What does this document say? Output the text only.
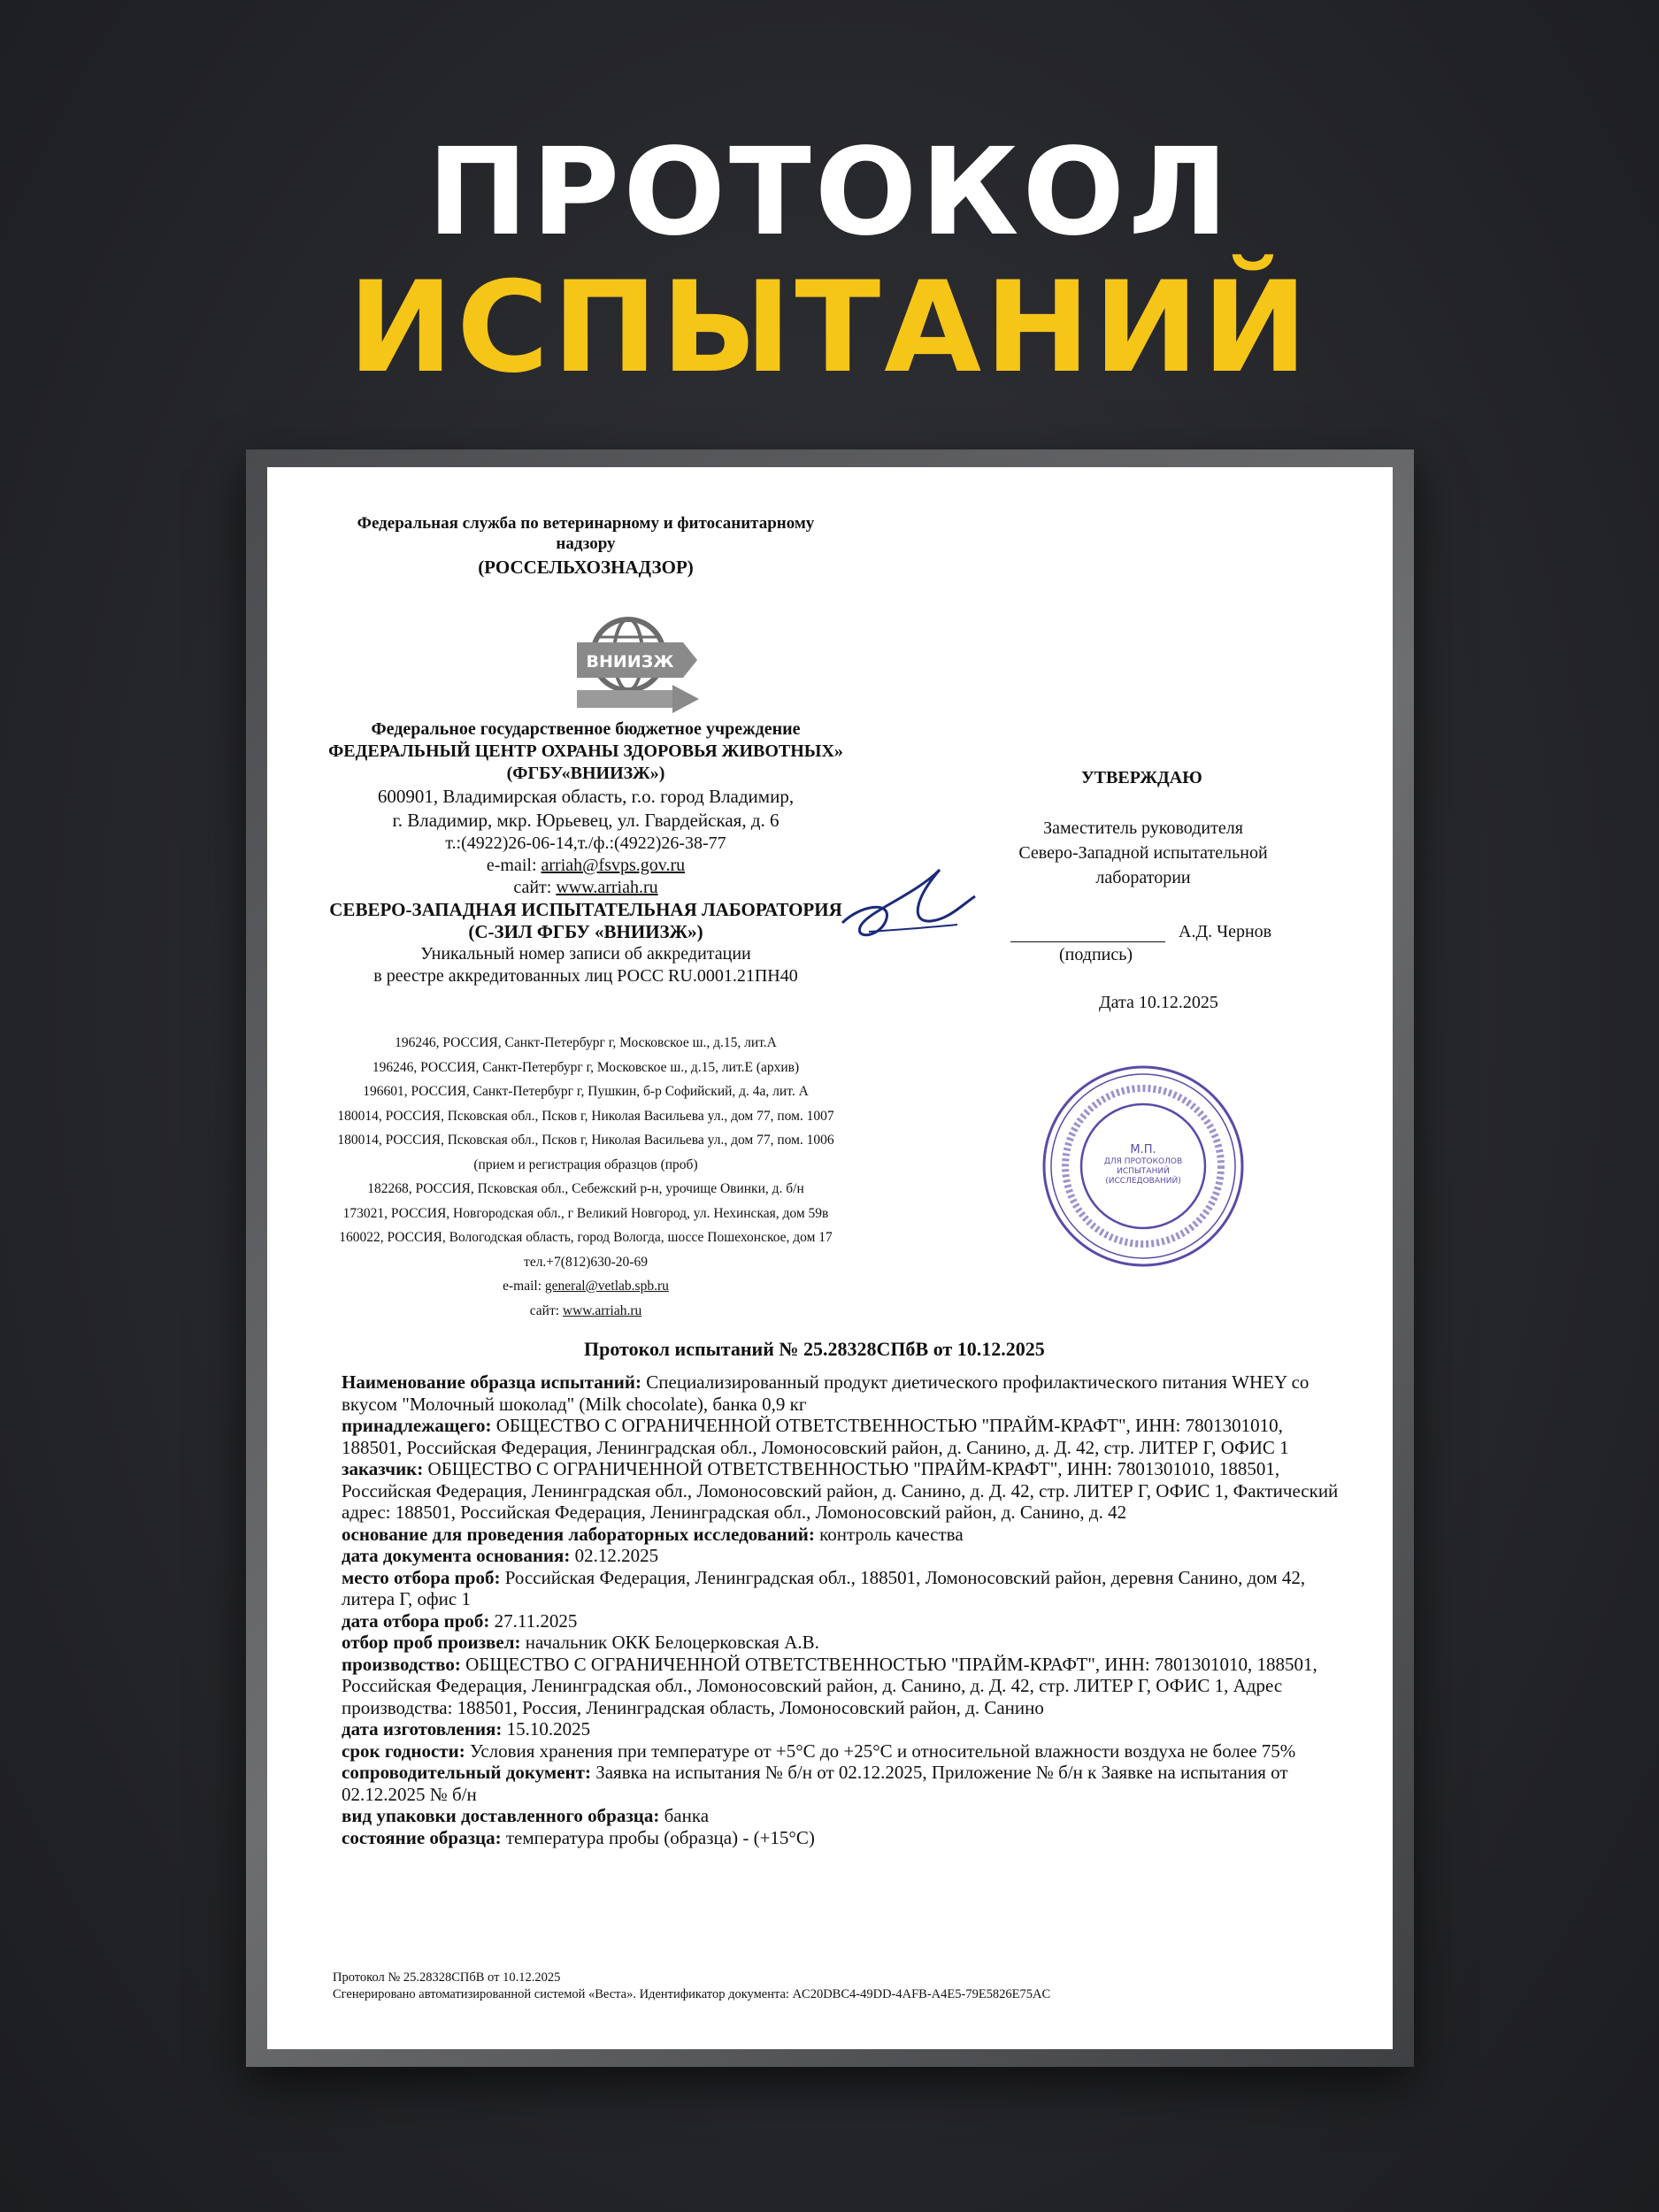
ПРОТОКОЛ
ИСПЫТАНИЙ
Федеральная служба по ветеринарному и фитосанитарному
надзору
(РОССЕЛЬХОЗНАДЗОР)
ВНИИЗЖ
Федеральное государственное бюджетное учреждение
ФЕДЕРАЛЬНЫЙ ЦЕНТР ОХРАНЫ ЗДОРОВЬЯ ЖИВОТНЫХ»
(ФГБУ«ВНИИЗЖ»)
600901, Владимирская область, г.о. город Владимир,
г. Владимир, мкр. Юрьевец, ул. Гвардейская, д. 6
т.:(4922)26-06-14,т./ф.:(4922)26-38-77
e-mail: arriah@fsvps.gov.ru
сайт: www.arriah.ru
СЕВЕРО-ЗАПАДНАЯ ИСПЫТАТЕЛЬНАЯ ЛАБОРАТОРИЯ
(С-ЗИЛ ФГБУ «ВНИИЗЖ»)
Уникальный номер записи об аккредитации
в реестре аккредитованных лиц РОСС RU.0001.21ПН40
196246, РОССИЯ, Санкт-Петербург г, Московское ш., д.15, лит.А
196246, РОССИЯ, Санкт-Петербург г, Московское ш., д.15, лит.Е (архив)
196601, РОССИЯ, Санкт-Петербург г, Пушкин, б-р Софийский, д. 4а, лит. А
180014, РОССИЯ, Псковская обл., Псков г, Николая Васильева ул., дом 77, пом. 1007
180014, РОССИЯ, Псковская обл., Псков г, Николая Васильева ул., дом 77, пом. 1006
(прием и регистрация образцов (проб)
182268, РОССИЯ, Псковская обл., Себежский р-н, урочище Овинки, д. б/н
173021, РОССИЯ, Новгородская обл., г Великий Новгород, ул. Нехинская, дом 59в
160022, РОССИЯ, Вологодская область, город Вологда, шоссе Пошехонское, дом 17
тел.+7(812)630-20-69
e-mail: general@vetlab.spb.ru
сайт: www.arriah.ru
УТВЕРЖДАЮ
Заместитель руководителя
Северо-Западной испытательной
лаборатории
А.Д. Чернов
(подпись)
Дата 10.12.2025
М.П.
ДЛЯ ПРОТОКОЛОВ ИСПЫТАНИЙ (ИССЛЕДОВАНИЙ)
Протокол испытаний № 25.28328СПбВ от 10.12.2025

Наименование образца испытаний: Специализированный продукт диетического профилактического питания WHEY со вкусом "Молочный шоколад" (Milk chocolate), банка 0,9 кг

принадлежащего: ОБЩЕСТВО С ОГРАНИЧЕННОЙ ОТВЕТСТВЕННОСТЬЮ "ПРАЙМ-КРАФТ", ИНН: 7801301010, 188501, Российская Федерация, Ленинградская обл., Ломоносовский район, д. Санино, д. Д. 42, стр. ЛИТЕР Г, ОФИС 1

заказчик: ОБЩЕСТВО С ОГРАНИЧЕННОЙ ОТВЕТСТВЕННОСТЬЮ "ПРАЙМ-КРАФТ", ИНН: 7801301010, 188501, Российская Федерация, Ленинградская обл., Ломоносовский район, д. Санино, д. Д. 42, стр. ЛИТЕР Г, ОФИС 1, Фактический адрес: 188501, Российская Федерация, Ленинградская обл., Ломоносовский район, д. Санино, д. 42

основание для проведения лабораторных исследований: контроль качества

дата документа основания: 02.12.2025

место отбора проб: Российская Федерация, Ленинградская обл., 188501, Ломоносовский район, деревня Санино, дом 42, литера Г, офис 1

дата отбора проб: 27.11.2025

отбор проб произвел: начальник ОКК Белоцерковская А.В.

производство: ОБЩЕСТВО С ОГРАНИЧЕННОЙ ОТВЕТСТВЕННОСТЬЮ "ПРАЙМ-КРАФТ", ИНН: 7801301010, 188501, Российская Федерация, Ленинградская обл., Ломоносовский район, д. Санино, д. Д. 42, стр. ЛИТЕР Г, ОФИС 1, Адрес производства: 188501, Россия, Ленинградская область, Ломоносовский район, д. Санино

дата изготовления: 15.10.2025

срок годности: Условия хранения при температуре от +5°С до +25°С и относительной влажности воздуха не более 75%

сопроводительный документ: Заявка на испытания № б/н от 02.12.2025, Приложение № б/н к Заявке на испытания от 02.12.2025 № б/н

вид упаковки доставленного образца: банка

состояние образца: температура пробы (образца) - (+15°С)

Протокол № 25.28328СПбВ от 10.12.2025
Сгенерировано автоматизированной системой «Веста». Идентификатор документа: AC20DBC4-49DD-4AFB-A4E5-79E5826E75AC
